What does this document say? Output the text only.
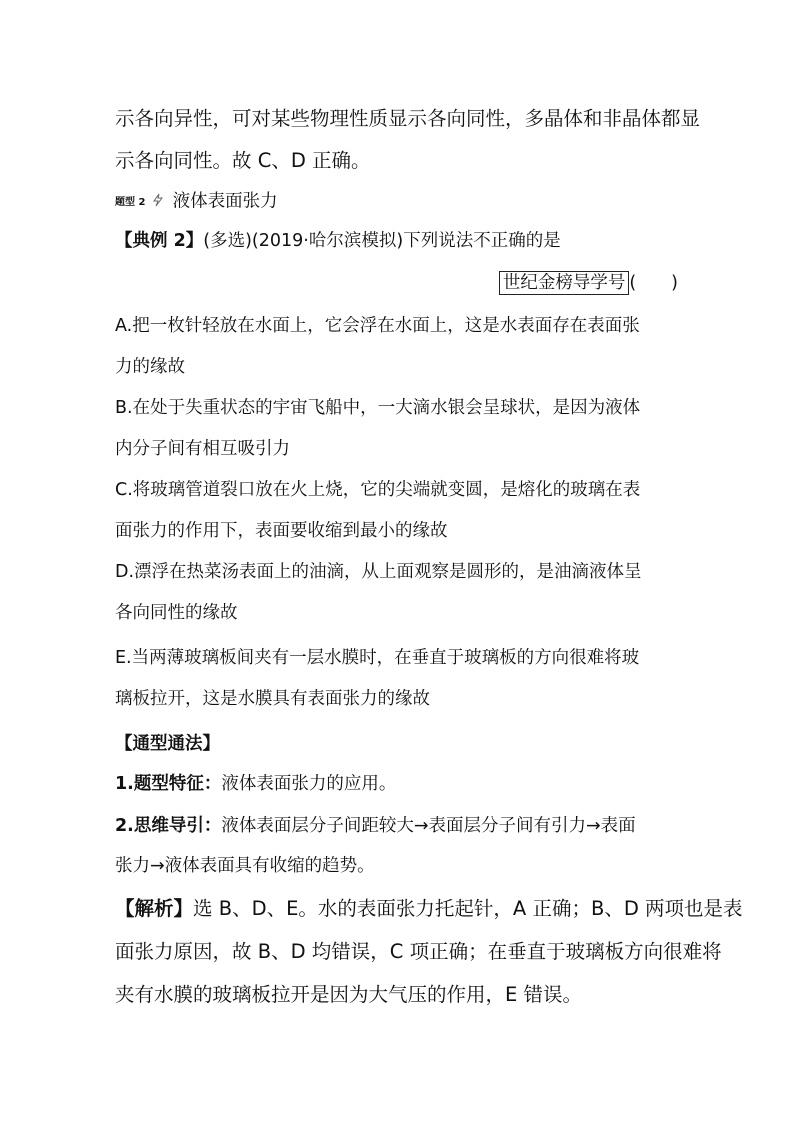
示各向异性，可对某些物理性质显示各向同性，多晶体和非晶体都显
示各向同性。故 C、D 正确。
题型 2 液体表面张力
【典例 2】(多选)(2019·哈尔滨模拟)下列说法不正确的是
世纪金榜导学号 (　　)
A.把一枚针轻放在水面上，它会浮在水面上，这是水表面存在表面张
力的缘故
B.在处于失重状态的宇宙飞船中，一大滴水银会呈球状，是因为液体
内分子间有相互吸引力
C.将玻璃管道裂口放在火上烧，它的尖端就变圆，是熔化的玻璃在表
面张力的作用下，表面要收缩到最小的缘故
D.漂浮在热菜汤表面上的油滴，从上面观察是圆形的，是油滴液体呈
各向同性的缘故
E.当两薄玻璃板间夹有一层水膜时，在垂直于玻璃板的方向很难将玻
璃板拉开，这是水膜具有表面张力的缘故
【通型通法】
1.题型特征：液体表面张力的应用。
2.思维导引：液体表面层分子间距较大→表面层分子间有引力→表面
张力→液体表面具有收缩的趋势。
【解析】选 B、D、E。水的表面张力托起针，A 正确；B、D 两项也是表
面张力原因，故 B、D 均错误，C 项正确；在垂直于玻璃板方向很难将
夹有水膜的玻璃板拉开是因为大气压的作用，E 错误。
